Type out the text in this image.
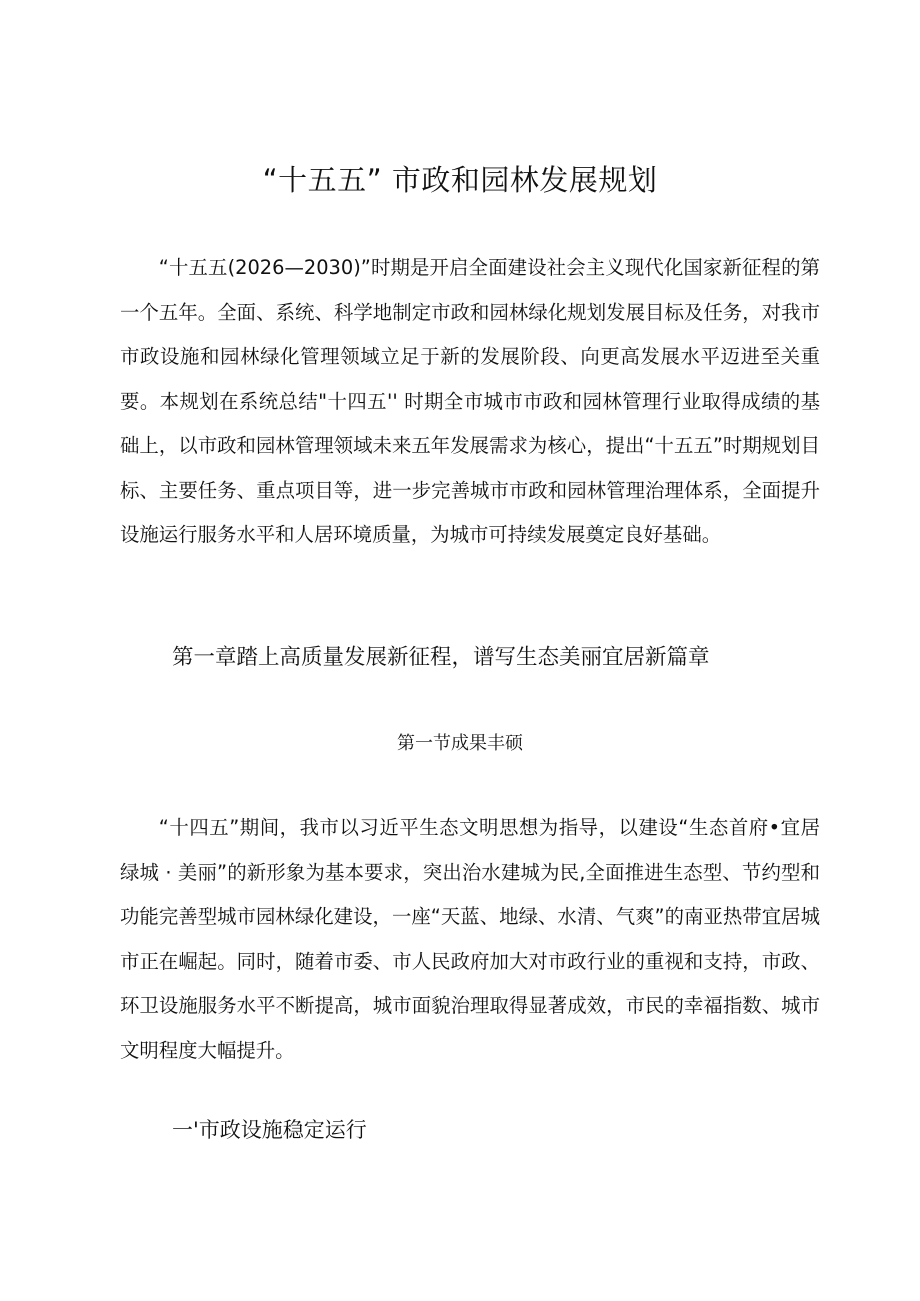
“十五五” 市政和园林发展规划

“十五五(2026—2030)”时期是开启全面建设社会主义现代化国家新征程的第一个五年。全面、系统、科学地制定市政和园林绿化规划发展目标及任务，对我市市政设施和园林绿化管理领域立足于新的发展阶段、向更高发展水平迈进至关重要。本规划在系统总结"十四五'' 时期全市城市市政和园林管理行业取得成绩的基础上，以市政和园林管理领域未来五年发展需求为核心，提出“十五五”时期规划目标、主要任务、重点项目等，进一步完善城市市政和园林管理治理体系，全面提升设施运行服务水平和人居环境质量，为城市可持续发展奠定良好基础。

第一章踏上高质量发展新征程，谱写生态美丽宜居新篇章
第一节成果丰硕

“十四五”期间，我市以习近平生态文明思想为指导，以建设“生态首府•宜居绿城 · 美丽”的新形象为基本要求，突出治水建城为民,全面推进生态型、节约型和功能完善型城市园林绿化建设，一座“天蓝、地绿、水清、气爽”的南亚热带宜居城市正在崛起。同时，随着市委、市人民政府加大对市政行业的重视和支持，市政、环卫设施服务水平不断提高，城市面貌治理取得显著成效，市民的幸福指数、城市文明程度大幅提升。

一'市政设施稳定运行
